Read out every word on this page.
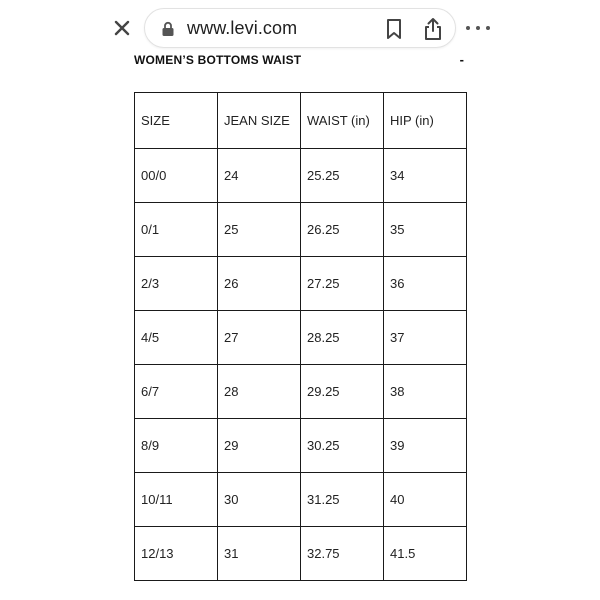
www.levi.com
WOMEN’S BOTTOMS WAIST	-
SIZE	JEAN SIZE	WAIST (in)	HIP (in)
00/0	24	25.25	34
0/1	25	26.25	35
2/3	26	27.25	36
4/5	27	28.25	37
6/7	28	29.25	38
8/9	29	30.25	39
10/11	30	31.25	40
12/13	31	32.75	41.5
